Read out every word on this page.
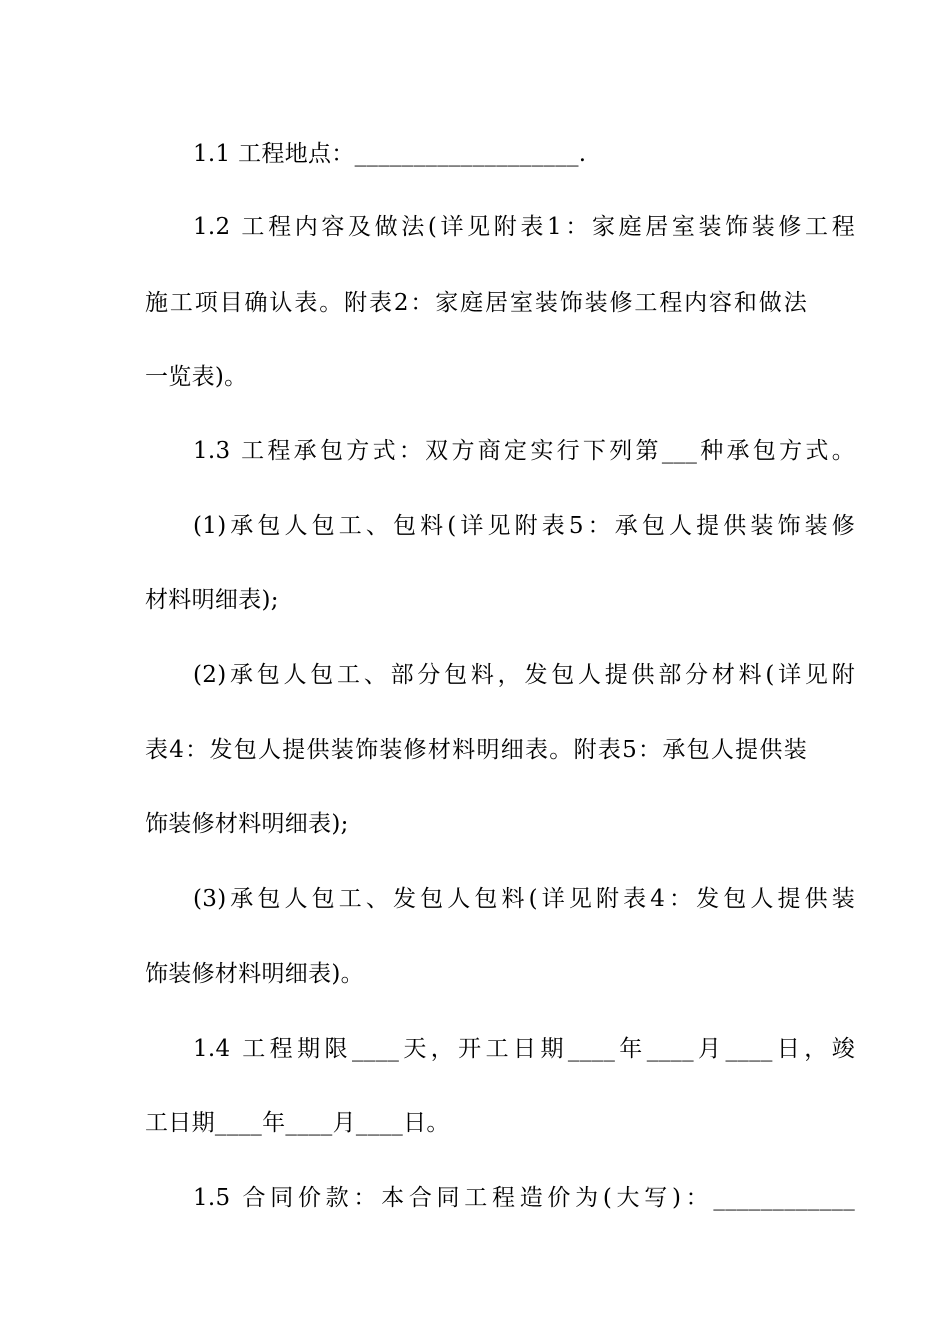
1.1 工程地点：___________________.
1.2 工程内容及做法(详见附表1：家庭居室装饰装修工程
施工项目确认表。附表2：家庭居室装饰装修工程内容和做法
一览表)。
1.3 工程承包方式：双方商定实行下列第___种承包方式。
(1)承包人包工、包料(详见附表5：承包人提供装饰装修
材料明细表);
(2)承包人包工、部分包料，发包人提供部分材料(详见附
表4：发包人提供装饰装修材料明细表。附表5：承包人提供装
饰装修材料明细表);
(3)承包人包工、发包人包料(详见附表4：发包人提供装
饰装修材料明细表)。
1.4 工程期限____天，开工日期____年____月____日，竣
工日期____年____月____日。
1.5 合同价款：本合同工程造价为(大写)：____________
